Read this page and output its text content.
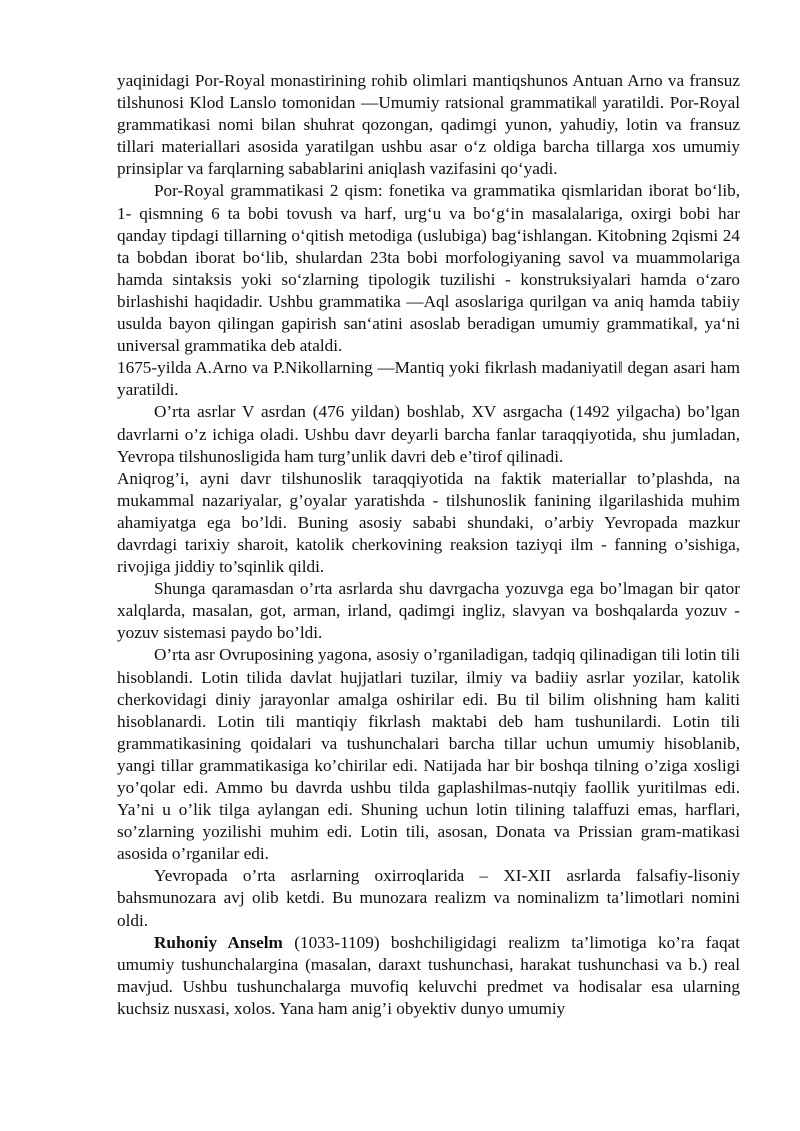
yaqinidagi Por-Royal monastirining rohib olimlari mantiqshunos Antuan Arno va fransuz tilshunosi Klod Lanslo tomonidan ―Umumiy ratsional grammatika‖ yaratildi. Por-Royal grammatikasi nomi bilan shuhrat qozongan, qadimgi yunon, yahudiy, lotin va fransuz tillari materiallari asosida yaratilgan ushbu asar o‘z oldiga barcha tillarga xos umumiy prinsiplar va farqlarning sabablarini aniqlash vazifasini qo‘yadi.

Por-Royal grammatikasi 2 qism: fonetika va grammatika qismlaridan iborat bo‘lib, 1- qismning 6 ta bobi tovush va harf, urg‘u va bo‘g‘in masalalariga, oxirgi bobi har qanday tipdagi tillarning o‘qitish metodiga (uslubiga) bag‘ishlangan. Kitobning 2qismi 24 ta bobdan iborat bo‘lib, shulardan 23ta bobi morfologiyaning savol va muammolariga hamda sintaksis yoki so‘zlarning tipologik tuzilishi - konstruksiyalari hamda o‘zaro birlashishi haqidadir. Ushbu grammatika ―Aql asoslariga qurilgan va aniq hamda tabiiy usulda bayon qilingan gapirish san‘atini asoslab beradigan umumiy grammatika‖, ya‘ni universal grammatika deb ataldi.

1675-yilda A.Arno va P.Nikollarning ―Mantiq yoki fikrlash madaniyati‖ degan asari ham yaratildi.

O’rta asrlar V asrdan (476 yildan) boshlab, XV asrgacha (1492 yilgacha) bo’lgan davrlarni o’z ichiga oladi. Ushbu davr deyarli barcha fanlar taraqqiyotida, shu jumladan, Yevropa tilshunosligida ham turg’unlik davri deb e’tirof qilinadi.

Aniqrog’i, ayni davr tilshunoslik taraqqiyotida na faktik materiallar to’plashda, na mukammal nazariyalar, g’oyalar yaratishda - tilshunoslik fanining ilgarilashida muhim ahamiyatga ega bo’ldi. Buning asosiy sababi shundaki, o’arbiy Yevropada mazkur davrdagi tarixiy sharoit, katolik cherkovining reaksion taziyqi ilm - fanning o’sishiga, rivojiga jiddiy to’sqinlik qildi.

Shunga qaramasdan o’rta asrlarda shu davrgacha yozuvga ega bo’lmagan bir qator xalqlarda, masalan, got, arman, irland, qadimgi ingliz, slavyan va boshqalarda yozuv - yozuv sistemasi paydo bo’ldi.

O’rta asr Ovruposining yagona, asosiy o’rganiladigan, tadqiq qilinadigan tili lotin tili hisoblandi. Lotin tilida davlat hujjatlari tuzilar, ilmiy va badiiy asrlar yozilar, katolik cherkovidagi diniy jarayonlar amalga oshirilar edi. Bu til bilim olishning ham kaliti hisoblanardi. Lotin tili mantiqiy fikrlash maktabi deb ham tushunilardi. Lotin tili grammatikasining qoidalari va tushunchalari barcha tillar uchun umumiy hisoblanib, yangi tillar grammatikasiga ko’chirilar edi. Natijada har bir boshqa tilning o’ziga xosligi yo’qolar edi. Ammo bu davrda ushbu tilda gaplashilmas-nutqiy faollik yuritilmas edi. Ya’ni u o’lik tilga aylangan edi. Shuning uchun lotin tilining talaffuzi emas, harflari, so’zlarning yozilishi muhim edi. Lotin tili, asosan, Donata va Prissian gram-matikasi asosida o’rganilar edi.

Yevropada o’rta asrlarning oxirroqlarida – XI-XII asrlarda falsafiy-lisoniy bahsmunozara avj olib ketdi. Bu munozara realizm va nominalizm ta’limotlari nomini oldi.

Ruhoniy Anselm (1033-1109) boshchiligidagi realizm ta’limotiga ko’ra faqat umumiy tushunchalargina (masalan, daraxt tushunchasi, harakat tushunchasi va b.) real mavjud. Ushbu tushunchalarga muvofiq keluvchi predmet va hodisalar esa ularning kuchsiz nusxasi, xolos. Yana ham anig’i obyektiv dunyo umumiy
